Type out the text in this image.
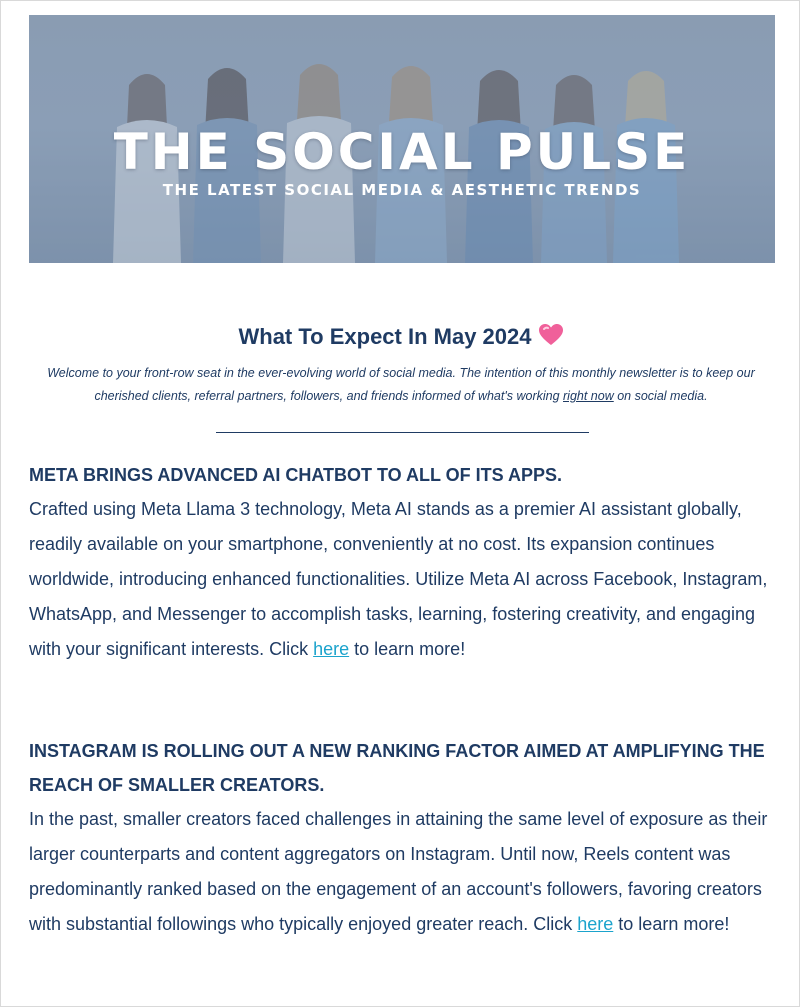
THE SOCIAL PULSE
THE LATEST SOCIAL MEDIA & AESTHETIC TRENDS
What To Expect In May 2024
Welcome to your front-row seat in the ever-evolving world of social media. The intention of this monthly newsletter is to keep our cherished clients, referral partners, followers, and friends informed of what's working right now on social media.
META BRINGS ADVANCED AI CHATBOT TO ALL OF ITS APPS.

Crafted using Meta Llama 3 technology, Meta AI stands as a premier AI assistant globally, readily available on your smartphone, conveniently at no cost. Its expansion continues worldwide, introducing enhanced functionalities. Utilize Meta AI across Facebook, Instagram, WhatsApp, and Messenger to accomplish tasks, learning, fostering creativity, and engaging with your significant interests. Click here to learn more!

INSTAGRAM IS ROLLING OUT A NEW RANKING FACTOR AIMED AT AMPLIFYING THE REACH OF SMALLER CREATORS.

In the past, smaller creators faced challenges in attaining the same level of exposure as their larger counterparts and content aggregators on Instagram. Until now, Reels content was predominantly ranked based on the engagement of an account's followers, favoring creators with substantial followings who typically enjoyed greater reach. Click here to learn more!
